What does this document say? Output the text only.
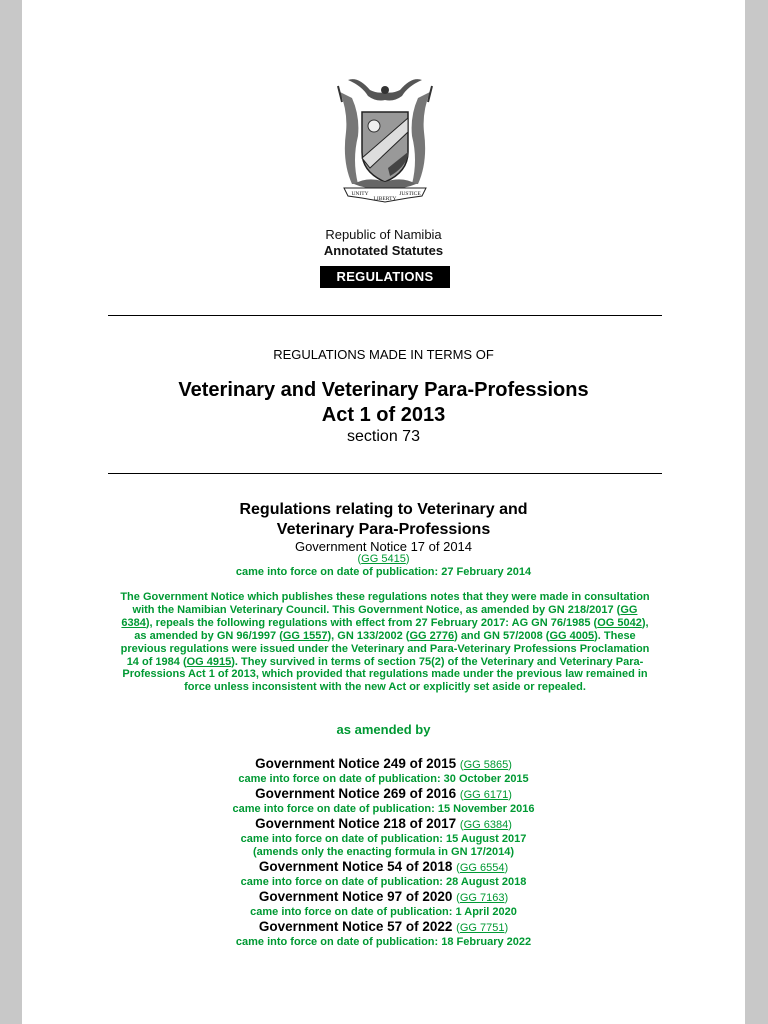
UNITY
LIBERTY
JUSTICE
Republic of Namibia
Annotated Statutes
REGULATIONS
REGULATIONS MADE IN TERMS OF
Veterinary and Veterinary Para-Professions
Act 1 of 2013
section 73
Regulations relating to Veterinary and
Veterinary Para-Professions
Government Notice 17 of 2014
(GG 5415)
came into force on date of publication: 27 February 2014
The Government Notice which publishes these regulations notes that they were made in consultation with the Namibian Veterinary Council. This Government Notice, as amended by GN 218/2017 (GG 6384), repeals the following regulations with effect from 27 February 2017: AG GN 76/1985 (OG 5042), as amended by GN 96/1997 (GG 1557), GN 133/2002 (GG 2776) and GN 57/2008 (GG 4005). These previous regulations were issued under the Veterinary and Para-Veterinary Professions Proclamation 14 of 1984 (OG 4915). They survived in terms of section 75(2) of the Veterinary and Veterinary Para-Professions Act 1 of 2013, which provided that regulations made under the previous law remained in force unless inconsistent with the new Act or explicitly set aside or repealed.
as amended by
Government Notice 249 of 2015 (GG 5865)
came into force on date of publication: 30 October 2015
Government Notice 269 of 2016 (GG 6171)
came into force on date of publication: 15 November 2016
Government Notice 218 of 2017 (GG 6384)
came into force on date of publication: 15 August 2017
(amends only the enacting formula in GN 17/2014)
Government Notice 54 of 2018 (GG 6554)
came into force on date of publication: 28 August 2018
Government Notice 97 of 2020 (GG 7163)
came into force on date of publication: 1 April 2020
Government Notice 57 of 2022 (GG 7751)
came into force on date of publication: 18 February 2022
